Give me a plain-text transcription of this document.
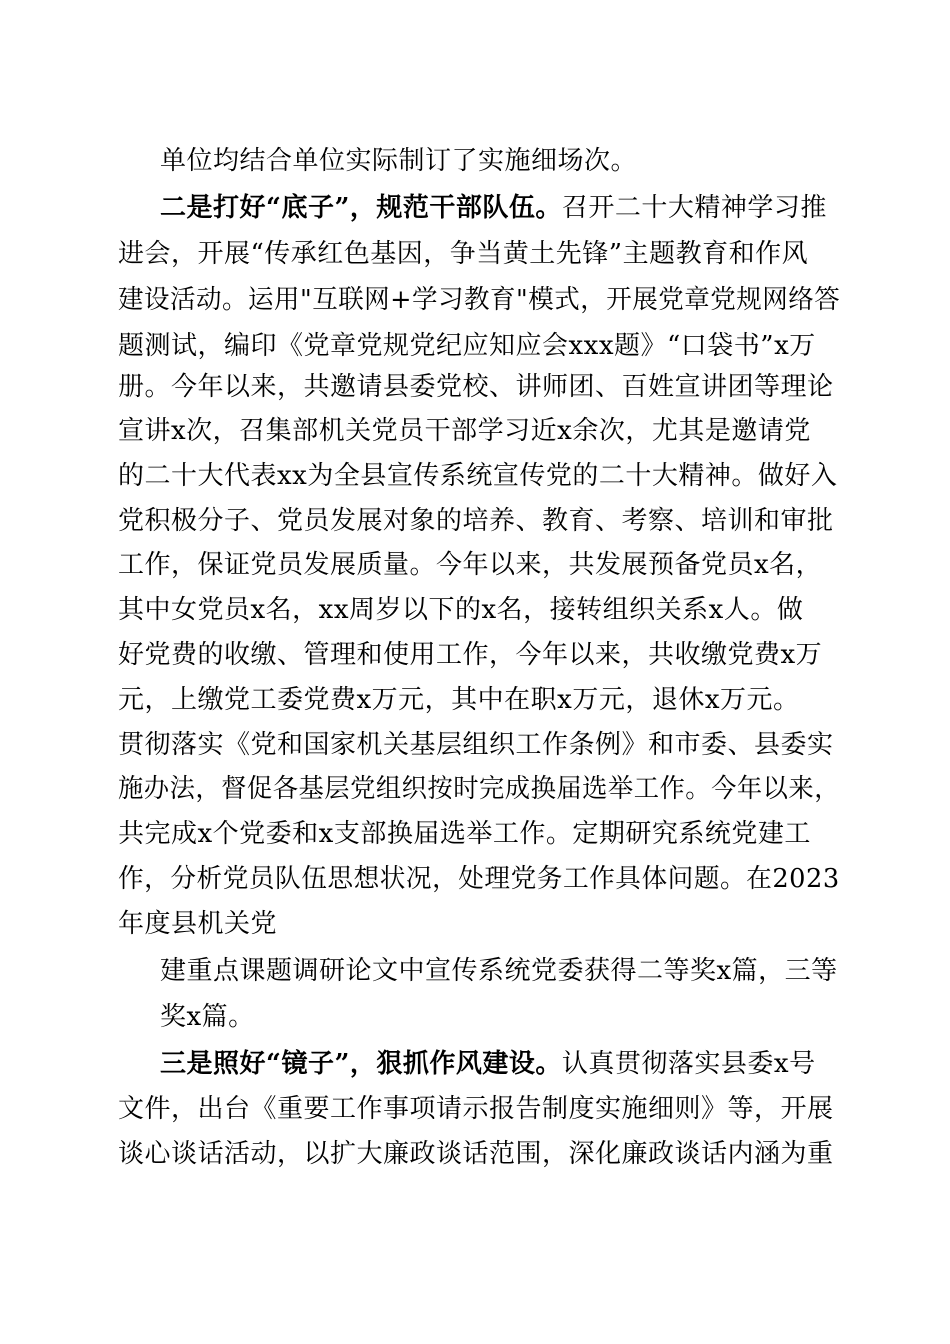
单位均结合单位实际制订了实施细场次。
二是打好“底子”，规范干部队伍。召开二十大精神学习推
进会，开展“传承红色基因，争当黄土先锋”主题教育和作风
建设活动。运用"互联网+学习教育"模式，开展党章党规网络答
题测试，编印《党章党规党纪应知应会xxx题》“口袋书”x万
册。今年以来，共邀请县委党校、讲师团、百姓宣讲团等理论
宣讲x次，召集部机关党员干部学习近x余次，尤其是邀请党
的二十大代表xx为全县宣传系统宣传党的二十大精神。做好入
党积极分子、党员发展对象的培养、教育、考察、培训和审批
工作，保证党员发展质量。今年以来，共发展预备党员x名，
其中女党员x名，xx周岁以下的x名，接转组织关系x人。做
好党费的收缴、管理和使用工作，今年以来，共收缴党费x万
元，上缴党工委党费x万元，其中在职x万元，退休x万元。
贯彻落实《党和国家机关基层组织工作条例》和市委、县委实
施办法，督促各基层党组织按时完成换届选举工作。今年以来，
共完成x个党委和x支部换届选举工作。定期研究系统党建工
作，分析党员队伍思想状况，处理党务工作具体问题。在2023
年度县机关党
建重点课题调研论文中宣传系统党委获得二等奖x篇，三等
奖x篇。
三是照好“镜子”，狠抓作风建设。认真贯彻落实县委x号
文件，出台《重要工作事项请示报告制度实施细则》等，开展
谈心谈话活动，以扩大廉政谈话范围，深化廉政谈话内涵为重
